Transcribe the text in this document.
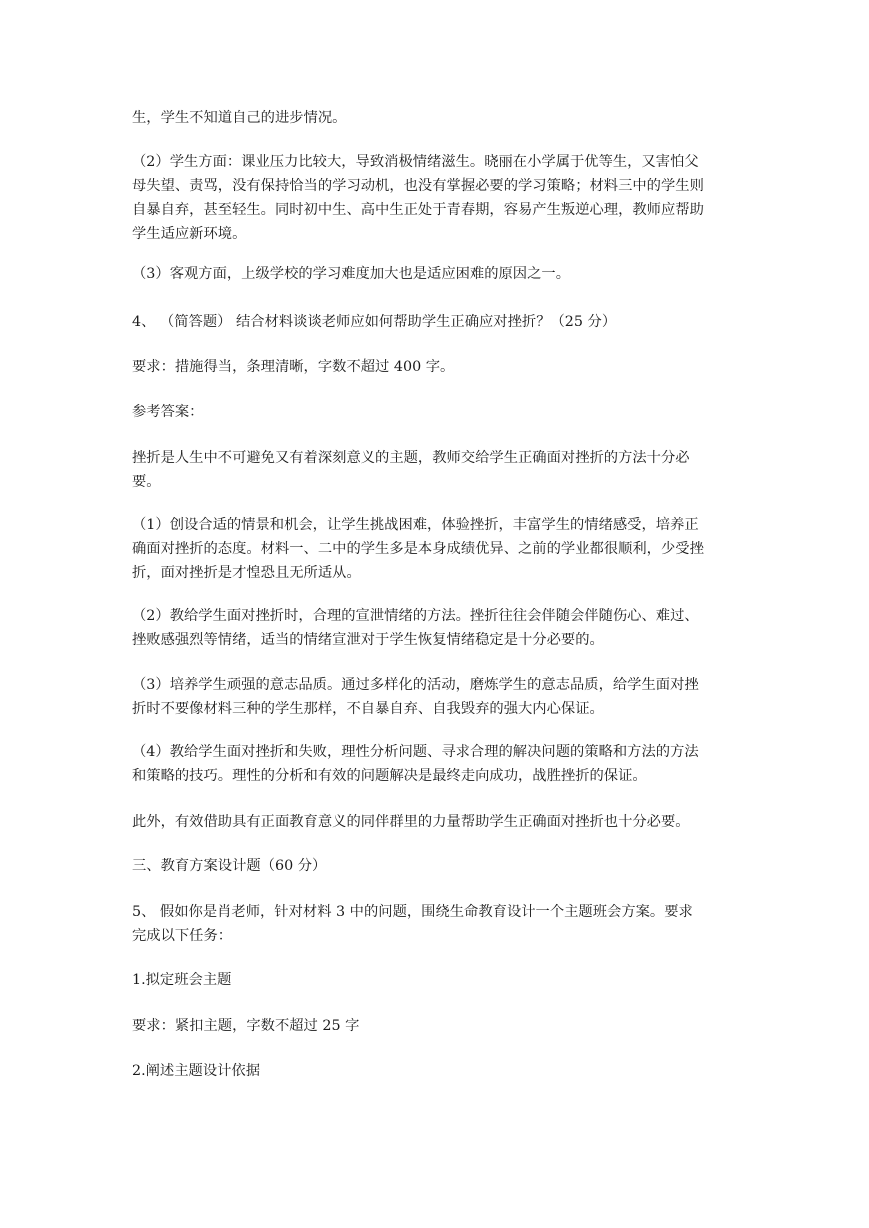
生，学生不知道自己的进步情况。

（2）学生方面：课业压力比较大，导致消极情绪滋生。晓丽在小学属于优等生，又害怕父
母失望、责骂，没有保持恰当的学习动机，也没有掌握必要的学习策略；材料三中的学生则
自暴自弃，甚至轻生。同时初中生、高中生正处于青春期，容易产生叛逆心理，教师应帮助
学生适应新环境。

（3）客观方面，上级学校的学习难度加大也是适应困难的原因之一。

4、 （简答题） 结合材料谈谈老师应如何帮助学生正确应对挫折？（25 分）

要求：措施得当，条理清晰，字数不超过 400 字。

参考答案：

挫折是人生中不可避免又有着深刻意义的主题，教师交给学生正确面对挫折的方法十分必
要。

（1）创设合适的情景和机会，让学生挑战困难，体验挫折，丰富学生的情绪感受，培养正
确面对挫折的态度。材料一、二中的学生多是本身成绩优异、之前的学业都很顺利，少受挫
折，面对挫折是才惶恐且无所适从。

（2）教给学生面对挫折时，合理的宣泄情绪的方法。挫折往往会伴随会伴随伤心、难过、
挫败感强烈等情绪，适当的情绪宣泄对于学生恢复情绪稳定是十分必要的。

（3）培养学生顽强的意志品质。通过多样化的活动，磨炼学生的意志品质，给学生面对挫
折时不要像材料三种的学生那样，不自暴自弃、自我毁弃的强大内心保证。

（4）教给学生面对挫折和失败，理性分析问题、寻求合理的解决问题的策略和方法的方法
和策略的技巧。理性的分析和有效的问题解决是最终走向成功，战胜挫折的保证。

此外，有效借助具有正面教育意义的同伴群里的力量帮助学生正确面对挫折也十分必要。

三、教育方案设计题（60 分）

5、 假如你是肖老师，针对材料 3 中的问题，围绕生命教育设计一个主题班会方案。要求
完成以下任务：

1.拟定班会主题

要求：紧扣主题，字数不超过 25 字

2.阐述主题设计依据
